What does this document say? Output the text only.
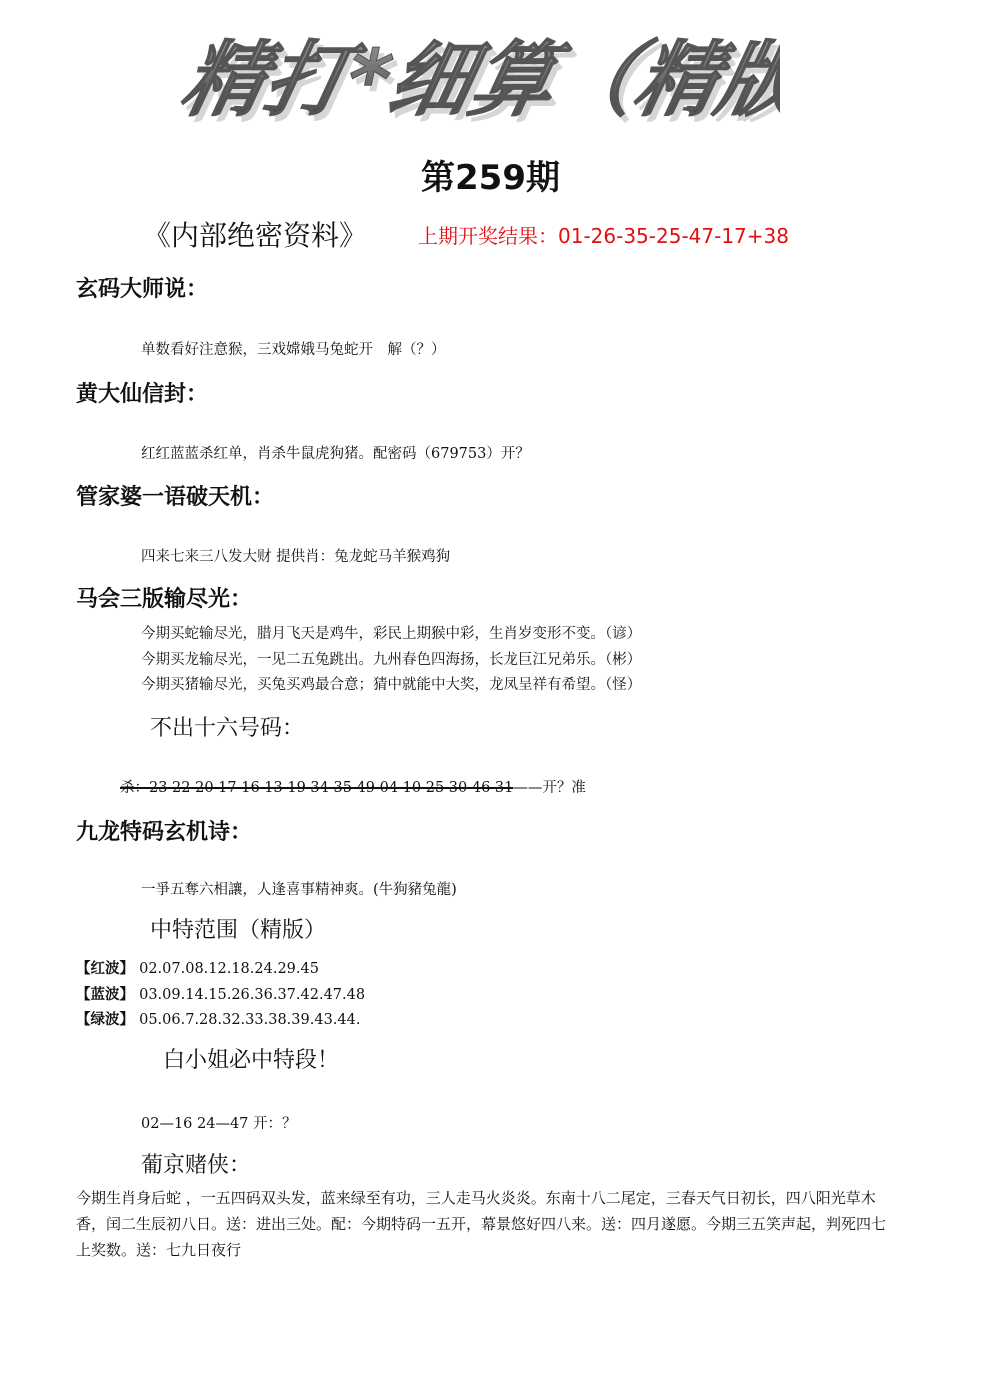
精打*细算（精版）
精打*细算（精版）
第259期
《内部绝密资料》	上期开奖结果：01-26-35-25-47-17+38
玄码大师说：
单数看好注意猴，三戏嫦娥马兔蛇开　解（？）
黄大仙信封：
红红蓝蓝杀红单，肖杀牛鼠虎狗猪。配密码（679753）开？
管家婆一语破天机：
四来七来三八发大财 提供肖：兔龙蛇马羊猴鸡狗
马会三版输尽光：
今期买蛇输尽光，腊月飞天是鸡牛，彩民上期猴中彩，生肖岁变形不变。（谚）
今期买龙输尽光，一见二五兔跳出。九州春色四海扬，长龙巨江兄弟乐。（彬）
今期买猪输尽光，买兔买鸡最合意；猜中就能中大奖，龙凤呈祥有希望。（怪）
不出十六号码：
杀：23 22 20 17 16 13 19 34 35 49 04 10 25 30 46 31——开？准
九龙特码玄机诗：
一爭五奪六相讓，人逢喜事精神爽。(牛狗豬兔龍)
中特范围（精版）
【红波】 02.07.08.12.18.24.29.45
【蓝波】 03.09.14.15.26.36.37.42.47.48
【绿波】 05.06.7.28.32.33.38.39.43.44.
白小姐必中特段！
02—16 24—47 开：？
葡京赌侠：
今期生肖身后蛇 ，一五四码双头发，蓝来绿至有功，三人走马火炎炎。东南十八二尾定，三春天气日初长，四八阳光草木香，闰二生辰初八日。送：进出三处。配：今期特码一五开，幕景悠好四八来。送：四月遂愿。今期三五笑声起，判死四七上奖数。送：七九日夜行
